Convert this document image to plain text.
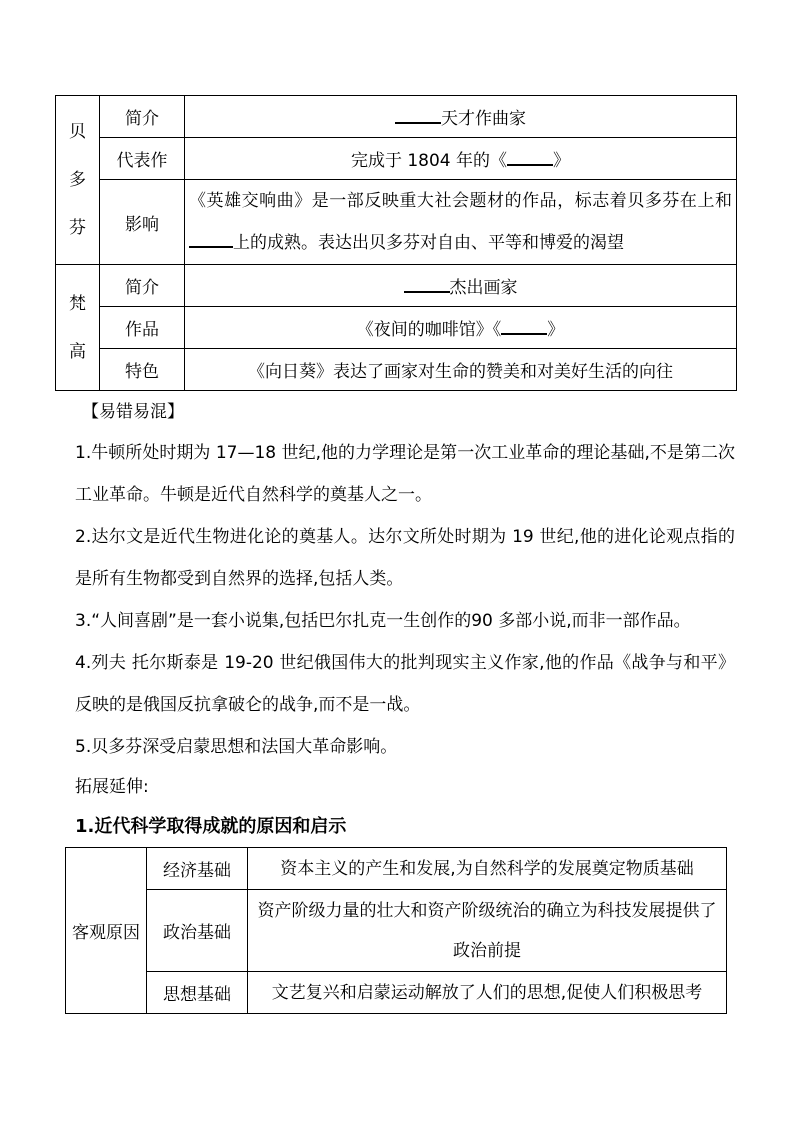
贝多芬	简介	天才作曲家
	代表作	完成于 1804 年的《 》
	影响	《英雄交响曲》是一部反映重大社会题材的作品，标志着贝多芬在上和上的成熟。表达出贝多芬对自由、平等和博爱的渴望
梵高	简介	杰出画家
	作品	《夜间的咖啡馆》《 》
	特色	《向日葵》表达了画家对生命的赞美和对美好生活的向往

【易错易混】

1.牛顿所处时期为 17—18 世纪,他的力学理论是第一次工业革命的理论基础,不是第二次工业革命。牛顿是近代自然科学的奠基人之一。

2.达尔文是近代生物进化论的奠基人。达尔文所处时期为 19 世纪,他的进化论观点指的是所有生物都受到自然界的选择,包括人类。

3.“人间喜剧”是一套小说集,包括巴尔扎克一生创作的90 多部小说,而非一部作品。

4.列夫 托尔斯泰是 19-20 世纪俄国伟大的批判现实主义作家,他的作品《战争与和平》反映的是俄国反抗拿破仑的战争,而不是一战。

5.贝多芬深受启蒙思想和法国大革命影响。

拓展延伸:

1.近代科学取得成就的原因和启示

客观原因	经济基础	资本主义的产生和发展,为自然科学的发展奠定物质基础
	政治基础	资产阶级力量的壮大和资产阶级统治的确立为科技发展提供了政治前提
	思想基础	文艺复兴和启蒙运动解放了人们的思想,促使人们积极思考
